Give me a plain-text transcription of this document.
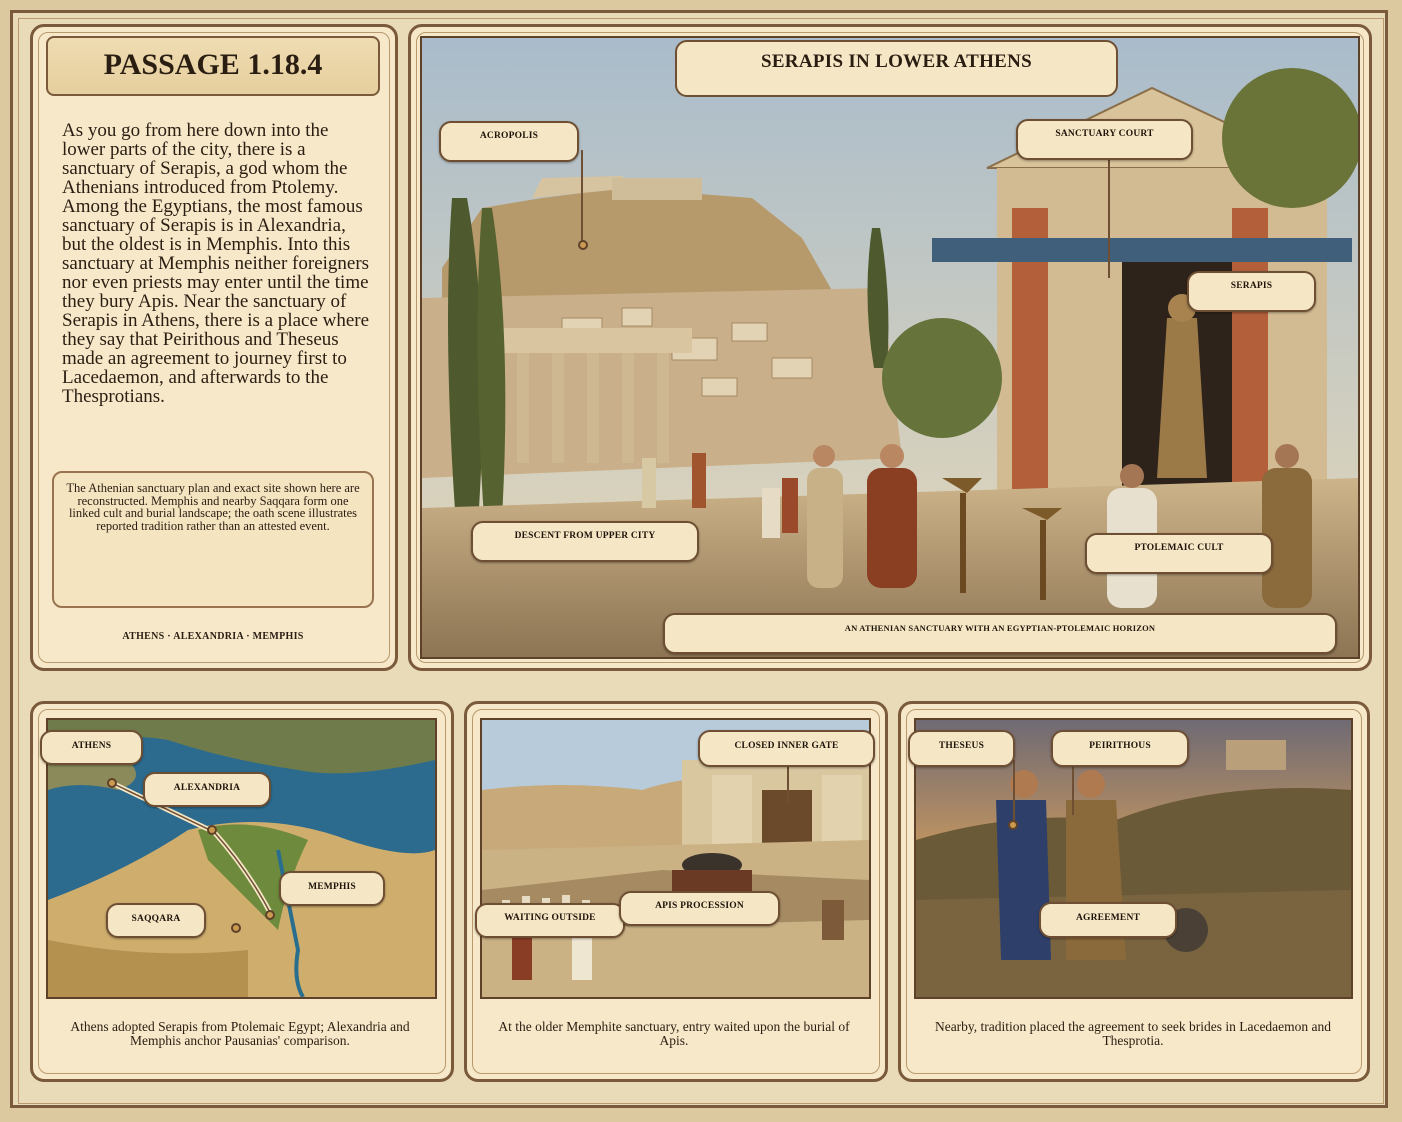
PASSAGE 1.18.4
As you go from here down into the lower parts of the city, there is a sanctuary of Serapis, a god whom the Athenians introduced from Ptolemy. Among the Egyptians, the most famous sanctuary of Serapis is in Alexandria, but the oldest is in Memphis. Into this sanctuary at Memphis neither foreigners nor even priests may enter until the time they bury Apis. Near the sanctuary of Serapis in Athens, there is a place where they say that Peirithous and Theseus made an agreement to journey first to Lacedaemon, and afterwards to the Thesprotians.
The Athenian sanctuary plan and exact site shown here are reconstructed. Memphis and nearby Saqqara form one linked cult and burial landscape; the oath scene illustrates reported tradition rather than an attested event.
ATHENS · ALEXANDRIA · MEMPHIS
SERAPIS IN LOWER ATHENS
ACROPOLIS	SANCTUARY COURT
SERAPIS
DESCENT FROM UPPER CITY
PTOLEMAIC CULT
AN ATHENIAN SANCTUARY WITH AN EGYPTIAN-PTOLEMAIC HORIZON
ATHENS
ALEXANDRIA
MEMPHIS
SAQQARA
Athens adopted Serapis from Ptolemaic Egypt; Alexandria and Memphis anchor Pausanias' comparison.
CLOSED INNER GATE
WAITING OUTSIDE
APIS PROCESSION
At the older Memphite sanctuary, entry waited upon the burial of Apis.
THESEUS	PEIRITHOUS
AGREEMENT
Nearby, tradition placed the agreement to seek brides in Lacedaemon and Thesprotia.
